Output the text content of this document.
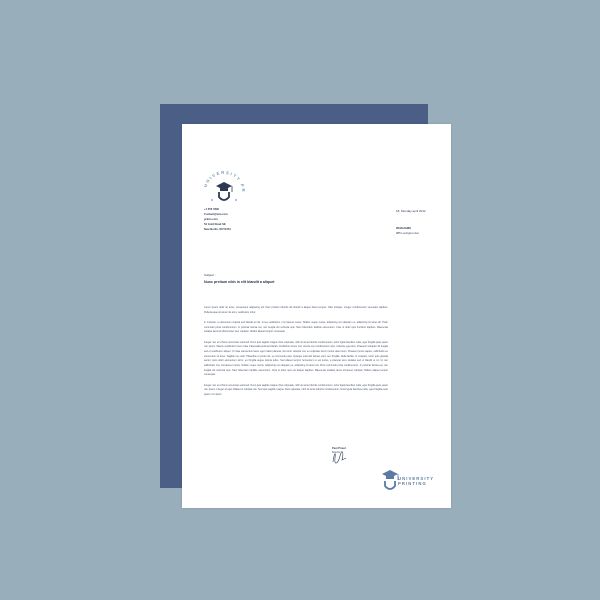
UNIVERSITY PR
+1 556 7890
Contact@test.com
prints.com
54 Gold Road SE
New Berlin, WI 53151
18, Monday april 2012
WHAHAMS
985 Lexington Ave
Subject :
Nunc pretium nibh in elit blandit a aliquet

Lorem ipsum dolor sit amet, consectetur adipiscing elit. Nam pretium lobortis elit blandit a aliquet dacui tempus. Nam tristique, integer condimentum venenatis dapibus. Pellentesque sit amet nisi arcu, vestibulum tortor.

In molestie, a elementum vulputa sed blandit at nisi. In leo vestibulum, non laoreet metus. Nullam neque metus, adipiscing non aliquam eu, adipiscing sit amet elit. Proin commodo porta condimentum. In pulvinar lacinia est, non feugiat elit vehicula quis. Nam bibendum facilisis elementum. Cras ut dolor quis tincidunt dapibus. Maecenas sodales lacus id ullamcorper sed, volutpat. Nullam aliquet tempor consequat.

Integer non et id Nunc accumsan euismod. Nunc quis sagittis magna. Duis vulputate, nibh sit amet lobortis condimentum, tortor ligula faucibus nulla, eget fringilla pede quam non ipsum. Mauris vestibulum lorem vitae malesuada pulvinar blandit. Vestibulum lorem nisl, viverra non condimentum quis, molestie eget arcu. Praesent volutpat nisi feugiat sed et vestibulum aliquet. Ut vitae elementum lacus eget mattis placerat, dui tortor volutpat nisi, eu vulputate lorem metus vitae lorem. Praesent purus sapien, sollicitudin eu elementum sit amet. Sagittis nec odio. Phasellus et porta nisl, eu commodo justo. Quisque euismod laoreet enim nec fringilla. Nulla facilisi. In molestie, tortor quis gravida auctor, justo dolor elementum tortor, eu fringilla augue lacinia tellus. Sed aliquet tempor fermentum ut est lectus, a placerat arcu sodales sed ut blandit et mi. Ut non sollicitudin nisi, nisi laoreet metus. Nullam neque metus, adipiscing non aliquam eu, adipiscing sit amet elit. Proin commodo porta condimentum. In pulvinar lacinia est, non feugiat elit vehicula quis. Nam bibendum facilisis elementum. Cras ut dolor quis est aliquet dapibus. Maecenas sodales lacus id laoreet volutpat. Nullam aliquet tempor consequat.

Integer non et id Nunc accumsan euismod. Nunc quis sagittis magna. Duis vulputate, nibh sit amet lobortis condimentum, tortor ligula faucibus nulla, eget fringilla pede quam non ipsum. Integer at eget trilalaet ut volutpat nisi. Sed quis sagittis magna. Duis vulputate, nibh sit amet lobortis condimentum, tortor ligula faucibus nulla, eget fringilla pede quam non ipsum.

Paul Proud
Director
UNIVERSITY
PRINTING
